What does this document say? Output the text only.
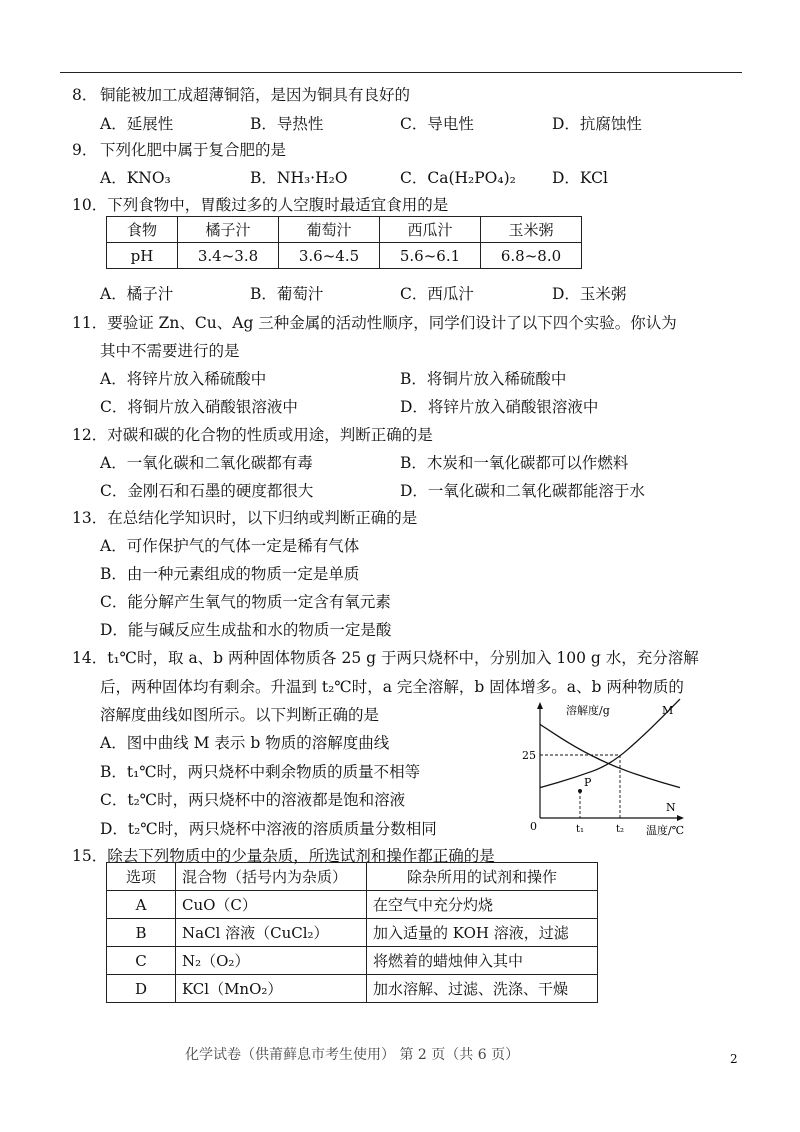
8． 铜能被加工成超薄铜箔，是因为铜具有良好的
A．延展性	B．导热性	C．导电性	D．抗腐蚀性
9． 下列化肥中属于复合肥的是
A．KNO₃	B．NH₃·H₂O	C．Ca(H₂PO₄)₂ D．KCl
10．下列食物中，胃酸过多的人空腹时最适宜食用的是
食物	橘子汁	葡萄汁	西瓜汁	玉米粥
pH	3.4~3.8	3.6~4.5	5.6~6.1	6.8~8.0
A．橘子汁	B．葡萄汁	C．西瓜汁	D．玉米粥
11．要验证 Zn、Cu、Ag 三种金属的活动性顺序，同学们设计了以下四个实验。你认为
其中不需要进行的是
A．将锌片放入稀硫酸中	B．将铜片放入稀硫酸中
C．将铜片放入硝酸银溶液中	D．将锌片放入硝酸银溶液中
12．对碳和碳的化合物的性质或用途，判断正确的是
A．一氧化碳和二氧化碳都有毒	B．木炭和一氧化碳都可以作燃料
C．金刚石和石墨的硬度都很大	D．一氧化碳和二氧化碳都能溶于水
13．在总结化学知识时，以下归纳或判断正确的是
A．可作保护气的气体一定是稀有气体
B．由一种元素组成的物质一定是单质
C．能分解产生氧气的物质一定含有氧元素
D．能与碱反应生成盐和水的物质一定是酸
14．t₁℃时，取 a、b 两种固体物质各 25 g 于两只烧杯中，分别加入 100 g 水，充分溶解
后，两种固体均有剩余。升温到 t₂℃时，a 完全溶解，b 固体增多。a、b 两种物质的
溶解度曲线如图所示。以下判断正确的是
A．图中曲线 M 表示 b 物质的溶解度曲线
B．t₁℃时，两只烧杯中剩余物质的质量不相等
C．t₂℃时，两只烧杯中的溶液都是饱和溶液
D．t₂℃时，两只烧杯中溶液的溶质质量分数相同
溶解度/g
温度/℃
0
25
t₁	t₂
P
M
N
15．除去下列物质中的少量杂质，所选试剂和操作都正确的是
选项	混合物（括号内为杂质）	除杂所用的试剂和操作
A	CuO（C）	在空气中充分灼烧
B	NaCl 溶液（CuCl₂）	加入适量的 KOH 溶液，过滤
C	N₂（O₂）	将燃着的蜡烛伸入其中
D	KCl（MnO₂）	加水溶解、过滤、洗涤、干燥
化学试卷（供莆藓息市考生使用） 第 2 页（共 6 页）	2
